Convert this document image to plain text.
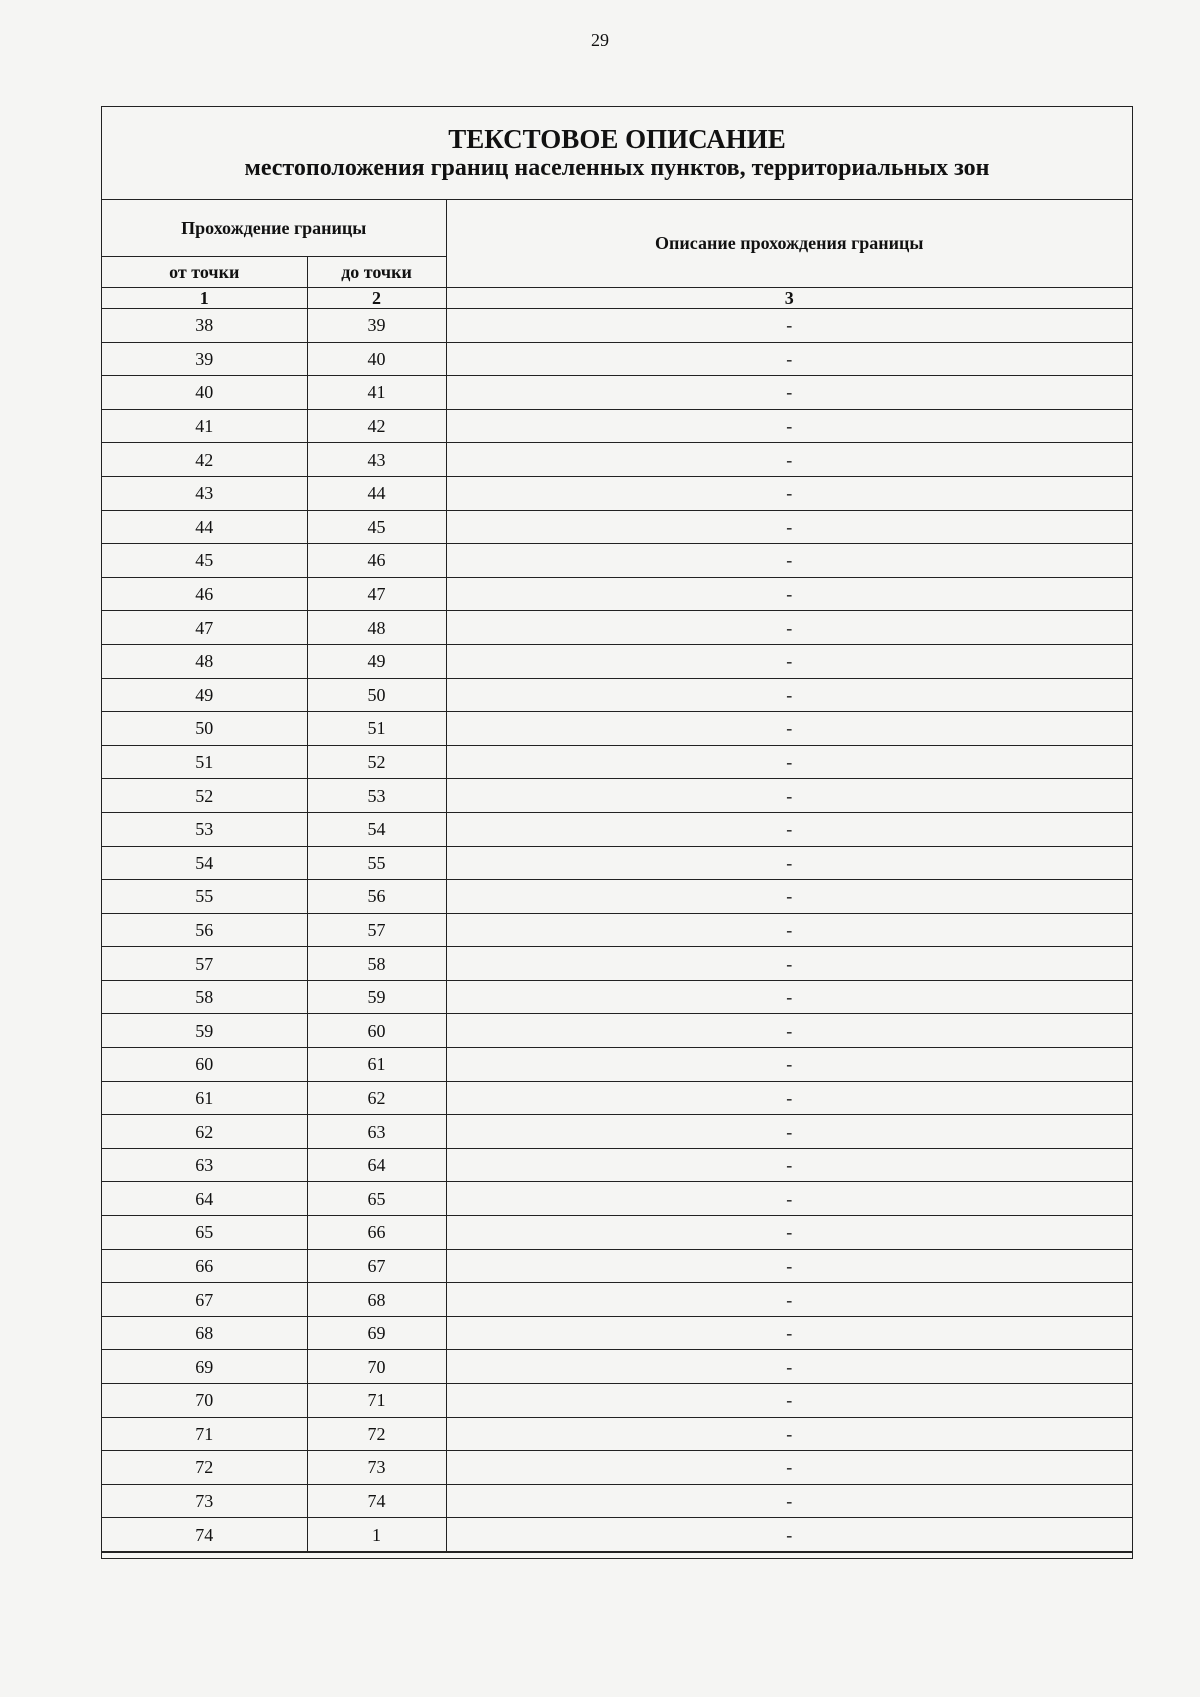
29
ТЕКСТОВОЕ ОПИСАНИЕ
местоположения границ населенных пунктов, территориальных зон
Прохождение границы		Описание прохождения границы
от точки	до точки	
1	2	3
38	39	-
39	40	-
40	41	-
41	42	-
42	43	-
43	44	-
44	45	-
45	46	-
46	47	-
47	48	-
48	49	-
49	50	-
50	51	-
51	52	-
52	53	-
53	54	-
54	55	-
55	56	-
56	57	-
57	58	-
58	59	-
59	60	-
60	61	-
61	62	-
62	63	-
63	64	-
64	65	-
65	66	-
66	67	-
67	68	-
68	69	-
69	70	-
70	71	-
71	72	-
72	73	-
73	74	-
74	1	-
